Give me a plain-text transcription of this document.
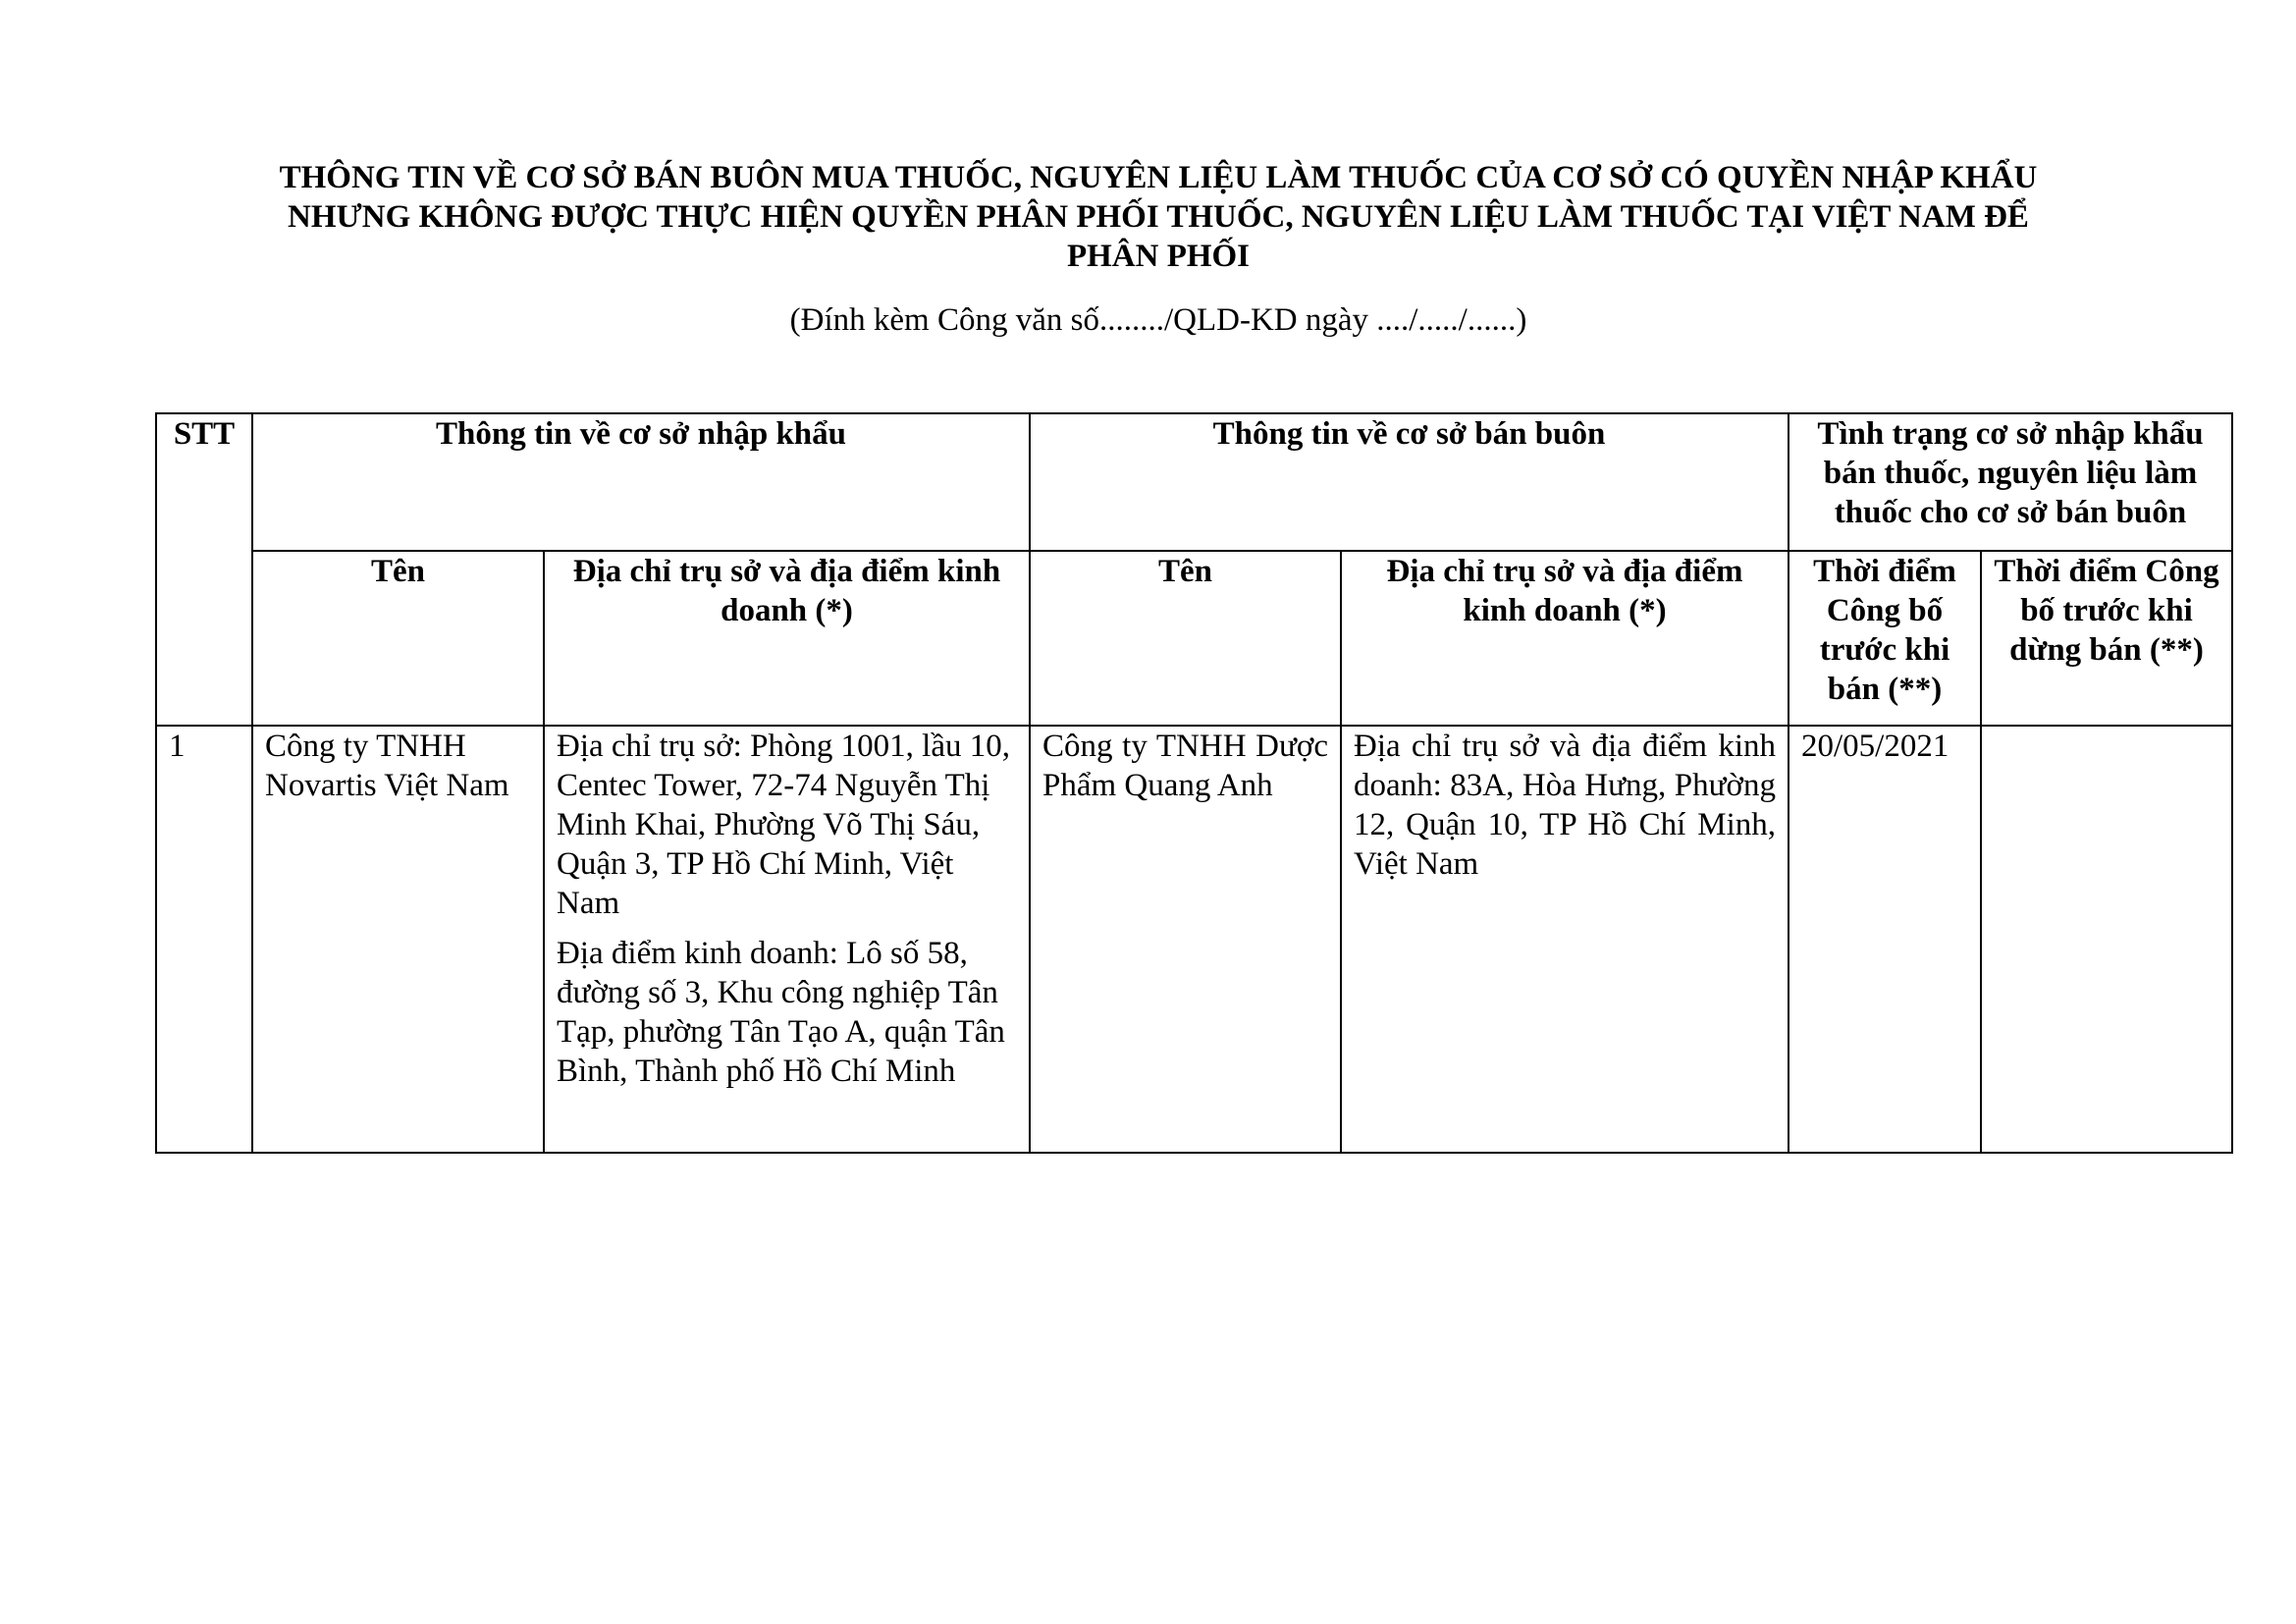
THÔNG TIN VỀ CƠ SỞ BÁN BUÔN MUA THUỐC, NGUYÊN LIỆU LÀM THUỐC CỦA CƠ SỞ CÓ QUYỀN NHẬP KHẨU
NHƯNG KHÔNG ĐƯỢC THỰC HIỆN QUYỀN PHÂN PHỐI THUỐC, NGUYÊN LIỆU LÀM THUỐC TẠI VIỆT NAM ĐỂ
PHÂN PHỐI
(Đính kèm Công văn số......../QLD-KD ngày ..../...../......)
STT	Thông tin về cơ sở nhập khẩu		Thông tin về cơ sở bán buôn		Tình trạng cơ sở nhập khẩu bán thuốc, nguyên liệu làm thuốc cho cơ sở bán buôn	
	Tên	Địa chỉ trụ sở và địa điểm kinh doanh (*)	Tên	Địa chỉ trụ sở và địa điểm kinh doanh (*)	Thời điểm Công bố trước khi bán (**)	Thời điểm Công bố trước khi dừng bán (**)
1	Công ty TNHH Novartis Việt Nam	Địa chỉ trụ sở: Phòng 1001, lầu 10, Centec Tower, 72-74 Nguyễn Thị Minh Khai, Phường Võ Thị Sáu, Quận 3, TP Hồ Chí Minh, Việt Nam

Địa điểm kinh doanh: Lô số 58, đường số 3, Khu công nghiệp Tân Tạp, phường Tân Tạo A, quận Tân Bình, Thành phố Hồ Chí Minh	Công ty TNHH Dược Phẩm Quang Anh	Địa chỉ trụ sở và địa điểm kinh doanh: 83A, Hòa Hưng, Phường 12, Quận 10, TP Hồ Chí Minh, Việt Nam	20/05/2021	
